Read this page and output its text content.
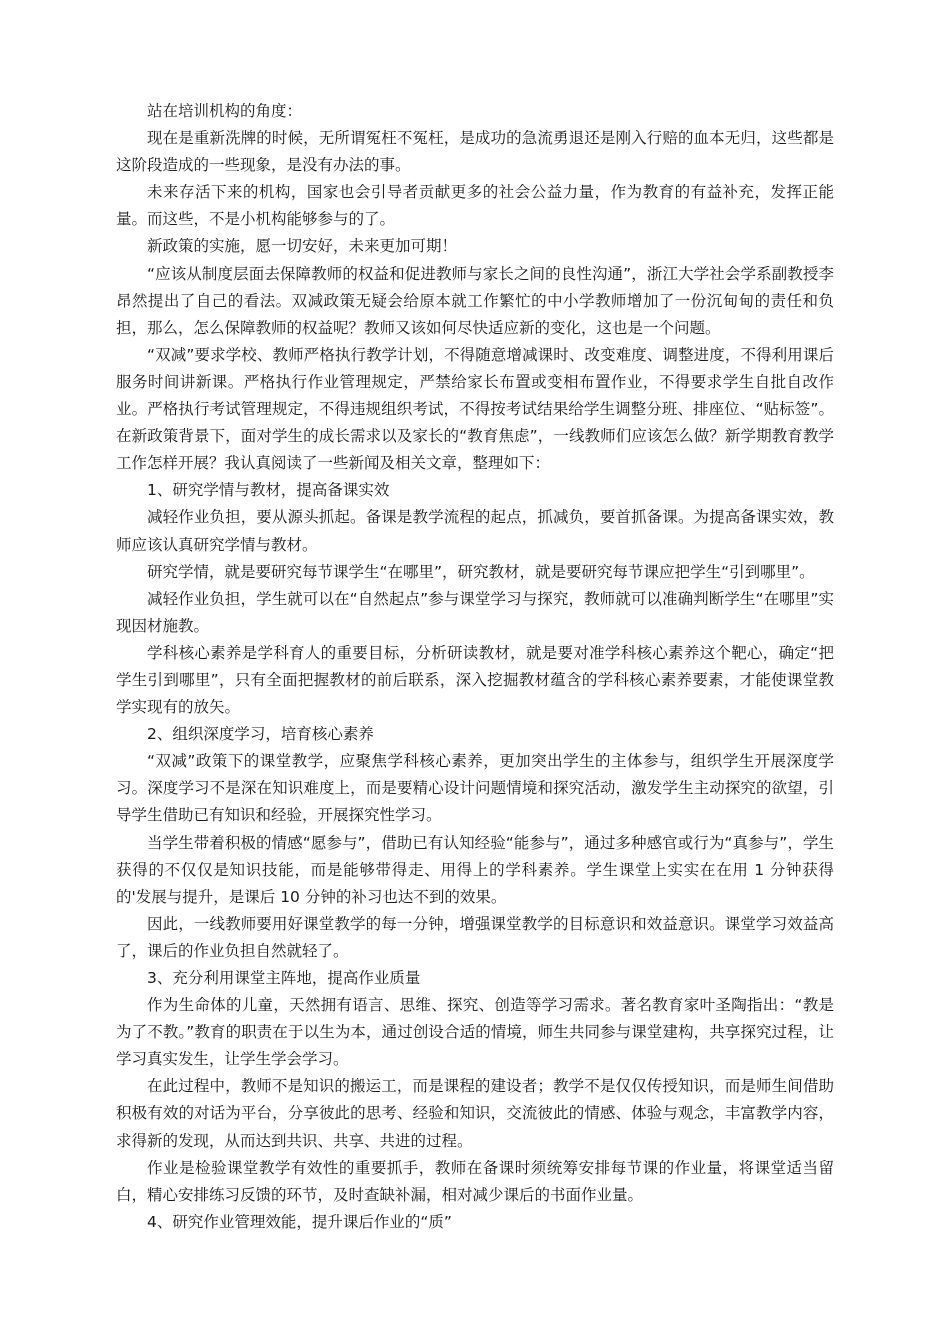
站在培训机构的角度：

现在是重新洗牌的时候，无所谓冤枉不冤枉，是成功的急流勇退还是刚入行赔的血本无归，这些都是这阶段造成的一些现象，是没有办法的事。

未来存活下来的机构，国家也会引导者贡献更多的社会公益力量，作为教育的有益补充，发挥正能量。而这些，不是小机构能够参与的了。

新政策的实施，愿一切安好，未来更加可期！

“应该从制度层面去保障教师的权益和促进教师与家长之间的良性沟通”，浙江大学社会学系副教授李昂然提出了自己的看法。双减政策无疑会给原本就工作繁忙的中小学教师增加了一份沉甸甸的责任和负担，那么，怎么保障教师的权益呢？教师又该如何尽快适应新的变化，这也是一个问题。

“双减”要求学校、教师严格执行教学计划，不得随意增减课时、改变难度、调整进度，不得利用课后服务时间讲新课。严格执行作业管理规定，严禁给家长布置或变相布置作业，不得要求学生自批自改作业。严格执行考试管理规定，不得违规组织考试，不得按考试结果给学生调整分班、排座位、“贴标签”。在新政策背景下，面对学生的成长需求以及家长的“教育焦虑”，一线教师们应该怎么做？新学期教育教学工作怎样开展？我认真阅读了一些新闻及相关文章，整理如下：

1、研究学情与教材，提高备课实效

减轻作业负担，要从源头抓起。备课是教学流程的起点，抓减负，要首抓备课。为提高备课实效，教师应该认真研究学情与教材。

研究学情，就是要研究每节课学生“在哪里”，研究教材，就是要研究每节课应把学生“引到哪里”。

减轻作业负担，学生就可以在“自然起点”参与课堂学习与探究，教师就可以准确判断学生“在哪里”实现因材施教。

学科核心素养是学科育人的重要目标，分析研读教材，就是要对准学科核心素养这个靶心，确定“把学生引到哪里”，只有全面把握教材的前后联系，深入挖掘教材蕴含的学科核心素养要素，才能使课堂教学实现有的放矢。

2、组织深度学习，培育核心素养

“双减”政策下的课堂教学，应聚焦学科核心素养，更加突出学生的主体参与，组织学生开展深度学习。深度学习不是深在知识难度上，而是要精心设计问题情境和探究活动，激发学生主动探究的欲望，引导学生借助已有知识和经验，开展探究性学习。

当学生带着积极的情感“愿参与”，借助已有认知经验“能参与”，通过多种感官或行为“真参与”，学生获得的不仅仅是知识技能，而是能够带得走、用得上的学科素养。学生课堂上实实在在用 1 分钟获得的'发展与提升，是课后 10 分钟的补习也达不到的效果。

因此，一线教师要用好课堂教学的每一分钟，增强课堂教学的目标意识和效益意识。课堂学习效益高了，课后的作业负担自然就轻了。

3、充分利用课堂主阵地，提高作业质量

作为生命体的儿童，天然拥有语言、思维、探究、创造等学习需求。著名教育家叶圣陶指出：“教是为了不教。”教育的职责在于以生为本，通过创设合适的情境，师生共同参与课堂建构，共享探究过程，让学习真实发生，让学生学会学习。

在此过程中，教师不是知识的搬运工，而是课程的建设者；教学不是仅仅传授知识，而是师生间借助积极有效的对话为平台，分享彼此的思考、经验和知识，交流彼此的情感、体验与观念，丰富教学内容，求得新的发现，从而达到共识、共享、共进的过程。

作业是检验课堂教学有效性的重要抓手，教师在备课时须统筹安排每节课的作业量，将课堂适当留白，精心安排练习反馈的环节，及时查缺补漏，相对减少课后的书面作业量。

4、研究作业管理效能，提升课后作业的“质”
